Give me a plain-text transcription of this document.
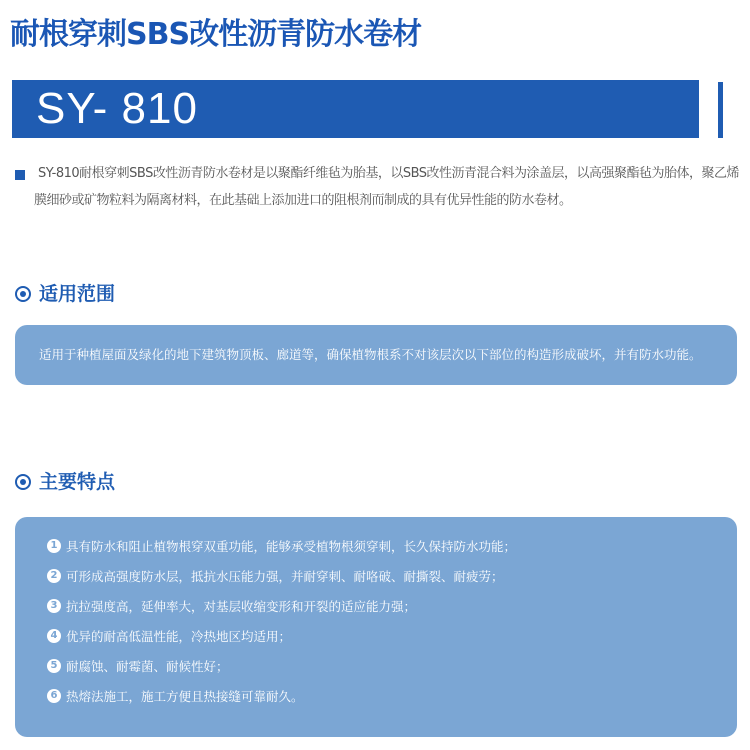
耐根穿刺SBS改性沥青防水卷材
SY- 810
SY-810耐根穿刺SBS改性沥青防水卷材是以聚酯纤维毡为胎基，以SBS改性沥青混合料为涂盖层，以高强聚酯毡为胎体，聚乙烯膜细砂或矿物粒料为隔离材料，在此基础上添加进口的阻根剂而制成的具有优异性能的防水卷材。
适用范围
适用于种植屋面及绿化的地下建筑物顶板、廊道等，确保植物根系不对该层次以下部位的构造形成破坏，并有防水功能。
主要特点
1 具有防水和阻止植物根穿双重功能，能够承受植物根须穿刺，长久保持防水功能；
2 可形成高强度防水层，抵抗水压能力强，并耐穿刺、耐咯破、耐撕裂、耐疲劳；
3 抗拉强度高，延伸率大，对基层收缩变形和开裂的适应能力强；
4 优异的耐高低温性能，冷热地区均适用；
5 耐腐蚀、耐霉菌、耐候性好；
6 热熔法施工，施工方便且热接缝可靠耐久。
